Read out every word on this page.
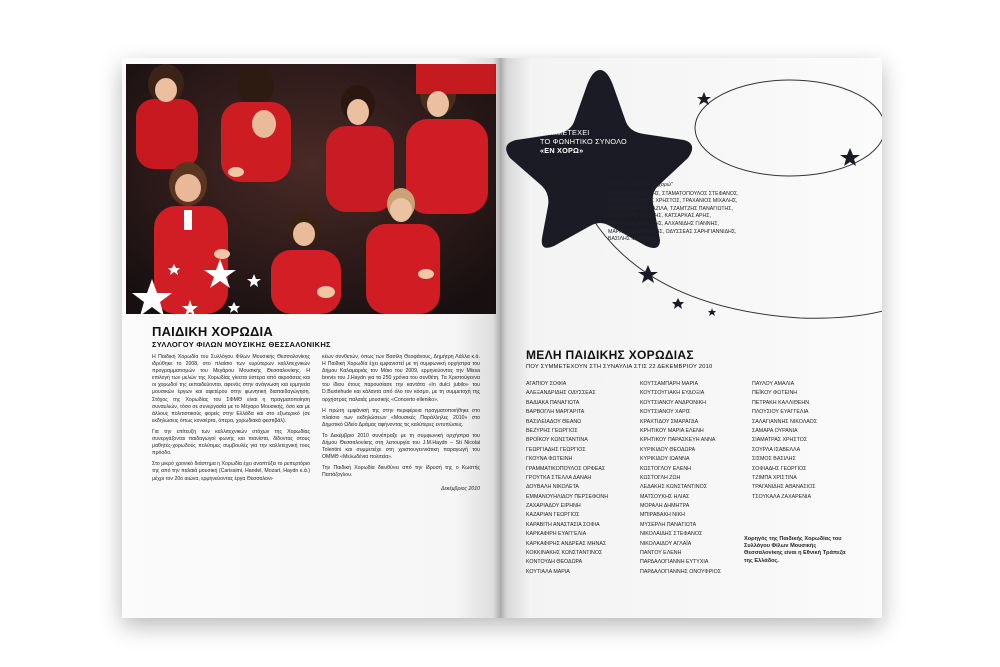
ΠΑΙΔΙΚΗ ΧΟΡΩΔΙΑ
ΣΥΛΛΟΓΟΥ ΦΙΛΩΝ ΜΟΥΣΙΚΗΣ ΘΕΣΣΑΛΟΝΙΚΗΣ

Η Παιδική Χορωδία του Συλλόγου Φίλων Μουσικής Θεσσαλονίκης ιδρύθηκε το 2008, στο πλαίσιο των ευρύτερων καλλιτεχνικών προγραμματισμών του Μεγάρου Μουσικής Θεσσαλονίκης. Η επιλογή των μελών της Χορωδίας γίνεται ύστερα από ακροάσεις και οι χορωδοί της εκπαιδεύονται, αφενός στην ανάγνωση και ερμηνεία μουσικών έργων και αφετέρου στην φωνητική διαπαιδαγώγηση. Στόχος της Χορωδίας του ΣΦΜΘ είναι η πραγματοποίηση συναυλιών, τόσο σε συνεργασία με το Μέγαρο Μουσικής, όσο και με άλλους πολιτιστικούς φορείς στην Ελλάδα και στο εξωτερικό (σε εκδηλώσεις όπως κονσέρτα, όπερα, χορωδιακά φεστιβάλ).

Για την επίτευξη των καλλιτεχνικών στόχων της Χορωδίας συνεργάζονται παιδαγωγοί φωνής και πιανίστα, δίδοντας στους μαθητές-χορωδούς πολύτιμες συμβουλές για την καλλιτεχνική τους πρόοδο.

Στο μικρό χρονικό διάστημα η Χορωδία έχει αναπτύξει το ρεπερτόριο της από την παλαιά μουσική (Carissimi, Handel, Mozart, Haydn κ.ά.) μέχρι τον 20ο αιώνα, ερμηνεύοντας έργα Θεσσαλονι-

κέων συνθετών, όπως των Βασίλη Θεοφάνους, Δημήτρη Λάλλα κ.ά. Η Παιδική Χορωδία έχει εμφανιστεί με τη συμφωνική ορχήστρα του Δήμου Καλαμαριάς τον Μάιο του 2009, ερμηνεύοντας την Missa brevis του J.Haydn για τα 250 χρόνια του συνθέτη. Τα Χριστούγεννα του ίδιου έτους παρουσίασε την καντάτα «In dulci jubilo» του D.Buxtehude και κάλαντα από όλο τον κόσμο, με τη συμμετοχή της ορχήστρας παλαιάς μουσικής «Concerto elleniko».

Η πρώτη εμφάνισή της στην περιφέρεια πραγματοποιήθηκε στο πλαίσιο των εκδηλώσεων «Μουσικές Παράλληλες 2010» στο Δημοτικό Ωδείο Δράμας αφήνοντας τις καλύτερες εντυπώσεις.

Το Δεκέμβριο 2010 συνέπραξε με τη συμφωνική ορχήστρα του Δήμου Θεσσαλονίκης στη λειτουργία του J.M.Haydn – Sti Nicolai Tolentini και συμμετείχε στη χριστουγεννιάτικη παραγωγή του ΟΜΜΘ «Μελωδένια πολιτεία».

Την Παιδική Χορωδία διευθύνει από την ίδρυσή της ο Κωστής Παπάζογλου.

Δεκέμβριος 2010
ΣΥΜΜΕΤΕΧΕΙ
ΤΟ ΦΩΝΗΤΙΚΟ ΣΥΝΟΛΟ
«ΕΝ ΧΟΡΩ»
Φωνητικό σύνολο "εν χορώ"
ΜΟΥΜΚΑΣ ΑΝΕΣΤΗΣ, ΣΤΑΜΑΤΟΠΟΥΛΟΣ ΣΤΕΦΑΝΟΣ,
ΠΑΣΧΑΛΟΠΟΥΛΟΣ ΧΡΗΣΤΟΣ, ΤΡΑΧΑΝΙΟΣ ΜΙΧΑΛΗΣ,
ΣΤΕΦΑΝΟΜΑΡΟ ΓΑΖΙΛΑ, ΤΖΑΜΤΖΗΣ ΠΑΝΑΓΙΩΤΗΣ,
ΚΑΤΣΑΡΚΑΣ ΓΙΑΝΝΗΣ, ΚΑΤΣΑΡΚΑΣ ΑΡΗΣ,
ΠΕΤΑΛΙΔΗΣ ΑΝΕΣΤΗΣ, ΑΛΧΑΝΙΔΗΣ ΓΙΑΝΝΗΣ,
ΜΑΡΚΟΣ ΒΑΛΑΒΑΝΗΣ, ΟΔΥΣΣΕΑΣ ΣΑΡΗΓΙΑΝΝΙΔΗΣ,
ΒΑΣΙΛΗΣ ΜΕΕΙΤΙΔΗΣ
ΜΕΛΗ ΠΑΙΔΙΚΗΣ ΧΟΡΩΔΙΑΣ
ΠΟΥ ΣΥΜΜΕΤΕΧΟΥΝ ΣΤΗ ΣΥΝΑΥΛΙΑ ΣΤΙΣ 22 ΔΕΚΕΜΒΡΙΟΥ 2010
ΑΓΑΠΙΟΥ ΣΟΦΙΑ
ΑΛΕΞΑΝΔΡΙΔΗΣ ΟΔΥΣΣΕΑΣ
ΒΑΔΙΑΚΑ ΠΑΝΑΓΙΩΤΑ
ΒΑΡΒΟΓΛΗ ΜΑΡΓΑΡΙΤΑ
ΒΑΣΙΛΕΙΑΔΟΥ ΘΕΑΝΩ
ΒΕΖΥΡΗΣ ΓΕΩΡΓΙΟΣ
ΒΡΟΪΚΟΥ ΚΩΝΣΤΑΝΤΙΝΑ
ΓΕΩΡΓΙΑΔΗΣ ΓΕΩΡΓΙΟΣ
ΓΚΟΥΝΑ ΦΩΤΕΙΝΗ
ΓΡΑΜΜΑΤΙΚΟΠΟΥΛΟΣ ΟΡΦΕΑΣ
ΓΡΟΥΤΚΑ ΣΤΕΛΛΑ ΔΑΝΑΗ
ΔΟΥΒΑΛΗ ΝΙΚΟΛΕΤΑ
ΕΜΜΑΝΟΥΗΛΙΔΟΥ ΠΕΡΣΕΦΟΝΗ
ΖΑΧΑΡΙΑΔΟΥ ΕΙΡΗΝΗ
ΚΑΖΑΡΙΑΝ ΓΕΩΡΓΙΟΣ
ΚΑΡΑΒΙΤΗ ΑΝΑΣΤΑΣΙΑ ΣΟΦΙΑ
ΚΑΡΚΑΦΙΡΗ ΕΥΑΓΓΕΛΙΑ
ΚΑΡΚΑΦΙΡΗΣ ΑΝΔΡΕΑΣ ΜΗΝΑΣ
ΚΟΚΚΙΝΑΚΗΣ ΚΩΝΣΤΑΝΤΙΝΟΣ
ΚΟΝΤΟΥΔΗ ΘΕΟΔΩΡΑ
ΚΟΥΤΙΑΛΑ ΜΑΡΙΑ
ΚΟΥΤΣΑΜΠΑΡΗ ΜΑΡΙΑ
ΚΟΥΤΣΟΥΓΙΑΚΗ ΕΥΔΟΞΙΑ
ΚΟΥΤΣΙΑΝΟΥ ΑΝΔΡΟΝΙΚΗ
ΚΟΥΤΣΙΑΝΟΥ ΧΑΡΙΣ
ΚΡΑΧΤΙΔΟΥ ΣΜΑΡΑΓΔΑ
ΚΡΗΤΙΚΟΥ ΜΑΡΙΑ ΕΛΕΝΗ
ΚΡΗΤΙΚΟΥ ΠΑΡΑΣΚΕΥΗ ΑΝΝΑ
ΚΥΡΙΚΙΔΟΥ ΘΕΟΔΩΡΑ
ΚΥΡΙΚΙΔΟΥ ΙΩΑΝΝΑ
ΚΩΣΤΟΓΛΟΥ ΕΛΕΝΗ
ΚΩΣΤΟΓΛΗ ΖΩΗ
ΛΕΔΑΚΗΣ ΚΩΝΣΤΑΝΤΙΝΟΣ
ΜΑΤΣΟΥΚΗΣ ΗΛΙΑΣ
ΜΟΡΑΛΗ ΔΗΜΗΤΡΑ
ΜΠΙΡΑΒΑΚΗ ΝΙΚΗ
ΜΥΣΕΡΛΗ ΠΑΝΑΓΙΩΤΑ
ΝΙΚΟΛΑΙΔΗΣ ΣΤΕΦΑΝΟΣ
ΝΙΚΟΛΑΙΔΟΥ ΑΓΛΑΪΑ
ΠΑΝΤΟΥ ΕΛΕΝΗ
ΠΑΡΔΑΛΟΓΙΑΝΝΗ ΕΥΤΥΧΙΑ
ΠΑΡΔΑΛΟΓΙΑΝΝΗΣ ΟΝΟΥΦΡΙΟΣ
ΠΑΥΛΟΥ ΑΜΑΛΙΑ
ΠΕΪΚΟΥ ΦΩΤΕΙΝΗ
ΠΕΤΡΑΚΗ ΚΑΛΛΙΘΕΗΝ
ΠΛΟΥΣΙΟΥ ΕΥΑΓΓΕΛΙΑ
ΣΑΛΑΓΙΑΝΝΗΣ ΝΙΚΟΛΑΟΣ
ΣΑΜΑΡΑ ΟΥΡΑΝΙΑ
ΣΙΑΜΑΤΡΑΣ ΧΡΗΣΤΟΣ
ΣΟΥΡΛΑ ΙΣΑΒΕΛΛΑ
ΣΙΣΜΟΣ ΒΑΣΙΛΗΣ
ΣΟΦΙΑΔΗΣ ΓΕΩΡΓΙΟΣ
ΤΖΙΜΠΑ ΧΡΙΣΤΙΝΑ
ΤΡΑΓΑΝΙΔΗΣ ΑΘΑΝΑΣΙΟΣ
ΤΣΟΥΚΑΛΑ ΖΑΧΑΡΕΝΙΑ
Χορηγός της Παιδικής Χορωδίας του Συλλόγου Φίλων Μουσικής Θεσσαλονίκης είναι η Εθνική Τράπεζα της Ελλάδος.
